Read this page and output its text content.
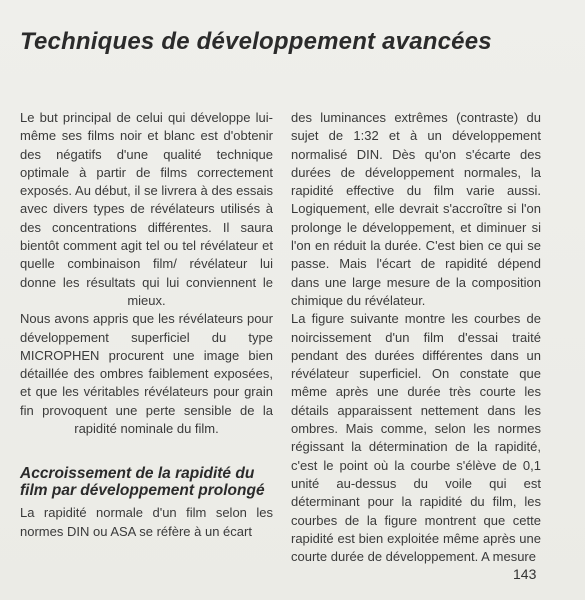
Techniques de développement avancées

Le but principal de celui qui développe lui-même ses films noir et blanc est d'obtenir des négatifs d'une qualité technique optimale à partir de films correctement exposés. Au début, il se livrera à des essais avec divers types de révélateurs utilisés à des concentrations différentes. Il saura bientôt comment agit tel ou tel révélateur et quelle combinaison film/ révélateur lui donne les résultats qui lui conviennent le mieux.

Nous avons appris que les révélateurs pour développement superficiel du type MICROPHEN procurent une image bien détaillée des ombres faiblement exposées, et que les véritables révélateurs pour grain fin provoquent une perte sensible de la rapidité nominale du film.

Accroissement de la rapidité du film par développement prolongé

La rapidité normale d'un film selon les normes DIN ou ASA se réfère à un écart

des luminances extrêmes (contraste) du sujet de 1:32 et à un développement normalisé DIN. Dès qu'on s'écarte des durées de développement normales, la rapidité effective du film varie aussi. Logiquement, elle devrait s'accroître si l'on prolonge le développement, et diminuer si l'on en réduit la durée. C'est bien ce qui se passe. Mais l'écart de rapidité dépend dans une large mesure de la composition chimique du révélateur.

La figure suivante montre les courbes de noircissement d'un film d'essai traité pendant des durées différentes dans un révélateur superficiel. On constate que même après une durée très courte les détails apparaissent nettement dans les ombres. Mais comme, selon les normes régissant la détermination de la rapidité, c'est le point où la courbe s'élève de 0,1 unité au-dessus du voile qui est déterminant pour la rapidité du film, les courbes de la figure montrent que cette rapidité est bien exploitée même après une courte durée de développement. A mesure

143
